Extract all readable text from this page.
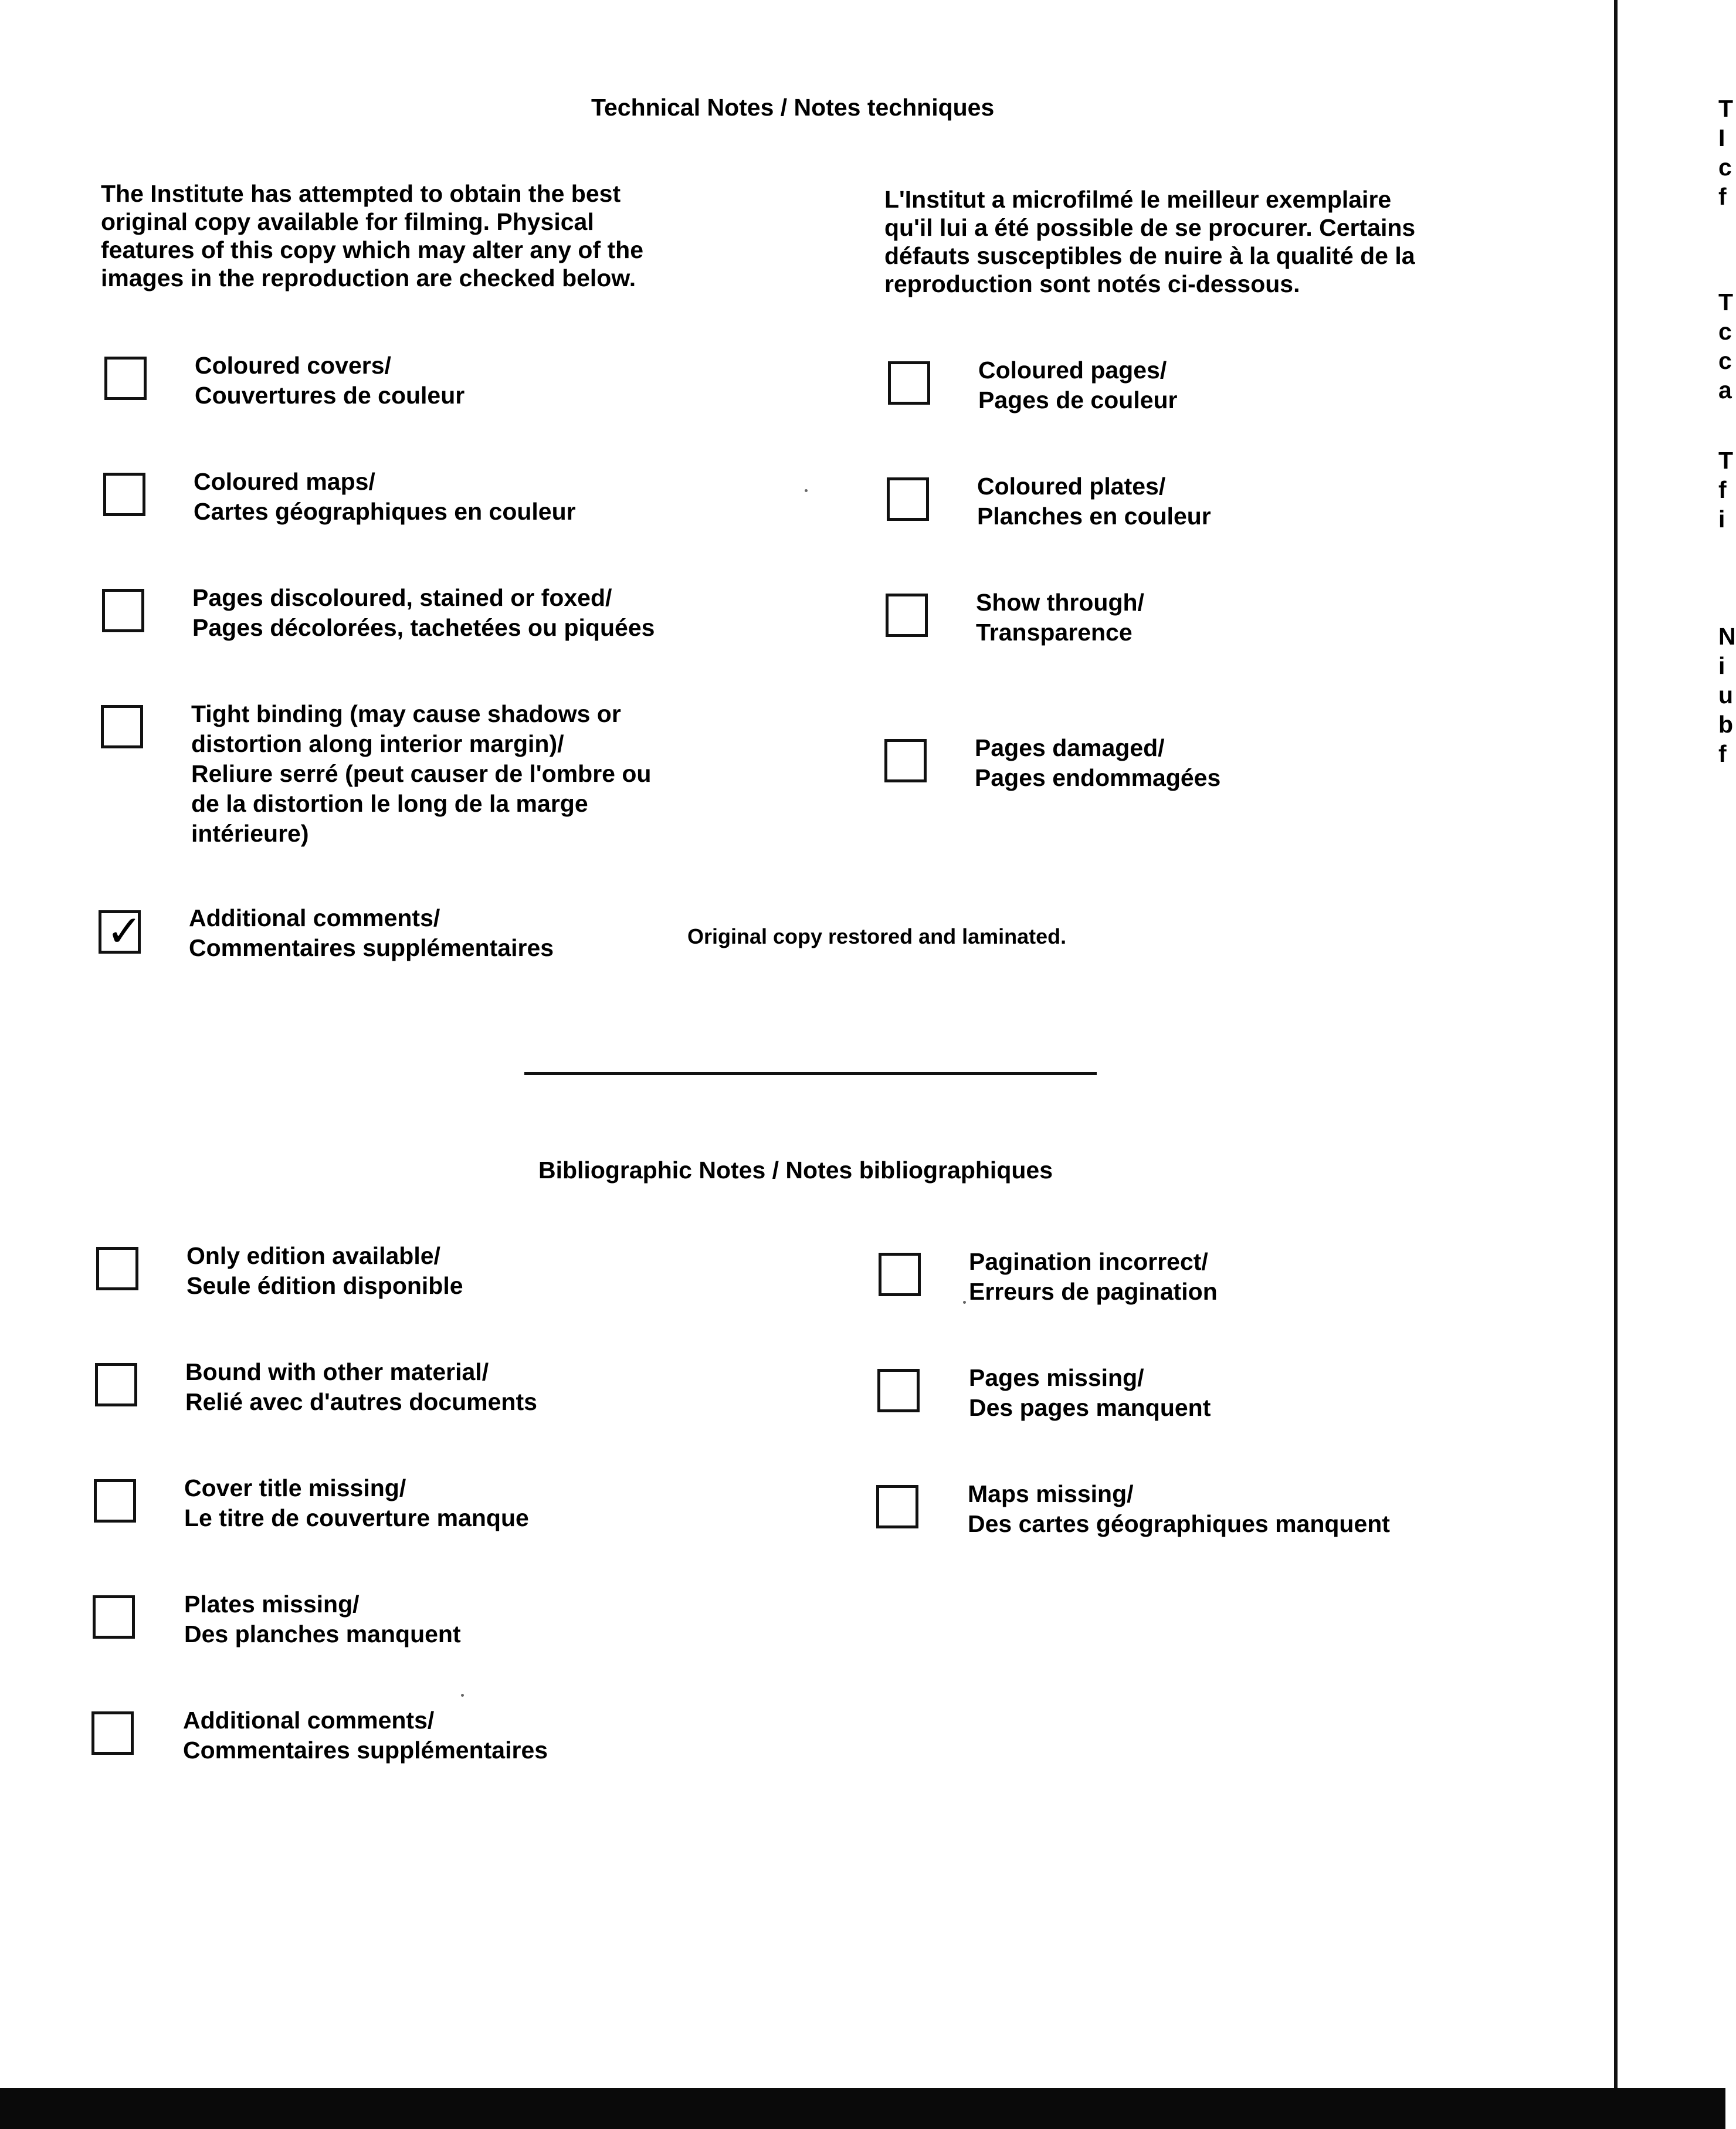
Technical Notes / Notes techniques
The Institute has attempted to obtain the best
original copy available for filming. Physical
features of this copy which may alter any of the
images in the reproduction are checked below.
L'Institut a microfilmé le meilleur exemplaire
qu'il lui a été possible de se procurer. Certains
défauts susceptibles de nuire à la qualité de la
reproduction sont notés ci-dessous.
Coloured covers/
Couvertures de couleur
Coloured maps/
Cartes géographiques en couleur
Pages discoloured, stained or foxed/
Pages décolorées, tachetées ou piquées
Tight binding (may cause shadows or
distortion along interior margin)/
Reliure serré (peut causer de l'ombre ou
de la distortion le long de la marge
intérieure)
✓ Additional comments/
Commentaires supplémentaires	Original copy restored and laminated.
Coloured pages/
Pages de couleur
Coloured plates/
Planches en couleur
Show through/
Transparence
Pages damaged/
Pages endommagées
Bibliographic Notes / Notes bibliographiques
Only edition available/
Seule édition disponible
Bound with other material/
Relié avec d'autres documents
Cover title missing/
Le titre de couverture manque
Plates missing/
Des planches manquent
Additional comments/
Commentaires supplémentaires
Pagination incorrect/
Erreurs de pagination
Pages missing/
Des pages manquent
Maps missing/
Des cartes géographiques manquent
T
I
c
f
T
c
c
a
T
f
i
N
i
u
b
f
